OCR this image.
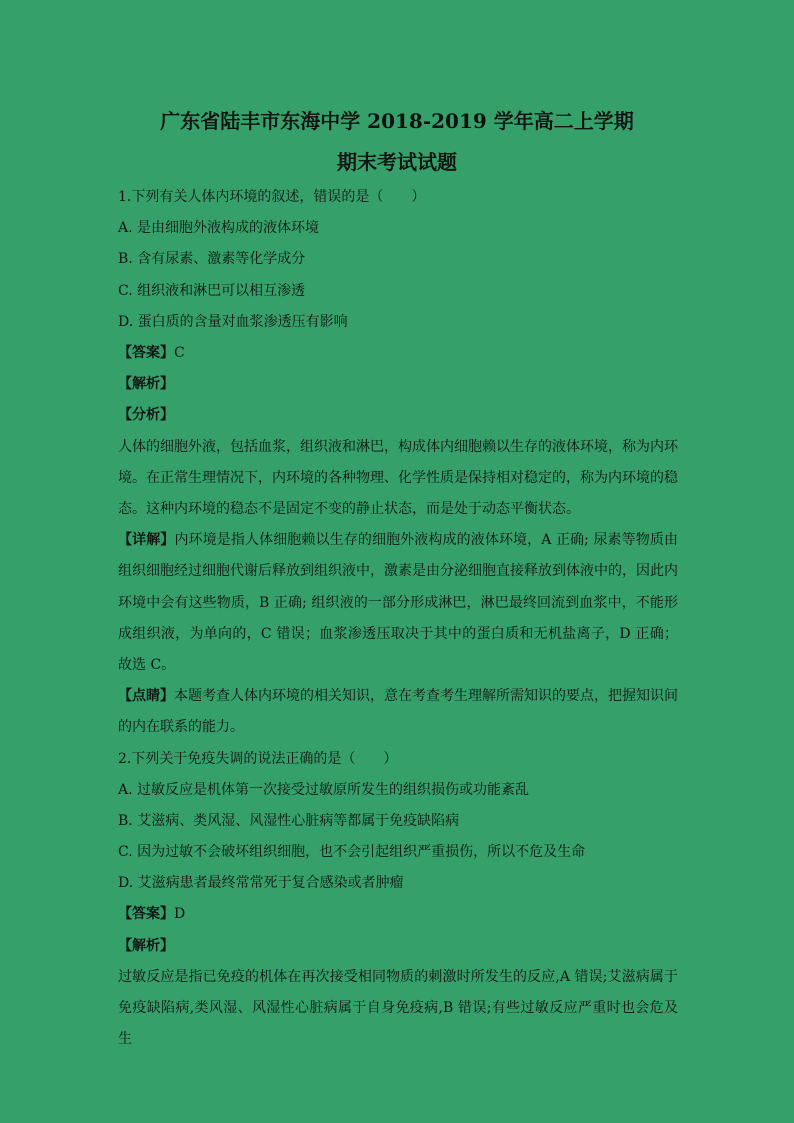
广东省陆丰市东海中学 2018-2019 学年高二上学期
期末考试试题
1.下列有关人体内环境的叙述，错误的是（　　）
A. 是由细胞外液构成的液体环境
B. 含有尿素、激素等化学成分
C. 组织液和淋巴可以相互渗透
D. 蛋白质的含量对血浆渗透压有影响
【答案】C
【解析】
【分析】
人体的细胞外液，包括血浆，组织液和淋巴，构成体内细胞赖以生存的液体环境，称为内环境。在正常生理情况下，内环境的各种物理、化学性质是保持相对稳定的，称为内环境的稳态。这种内环境的稳态不是固定不变的静止状态，而是处于动态平衡状态。
【详解】内环境是指人体细胞赖以生存的细胞外液构成的液体环境，A 正确; 尿素等物质由组织细胞经过细胞代谢后释放到组织液中，激素是由分泌细胞直接释放到体液中的，因此内环境中会有这些物质，B 正确; 组织液的一部分形成淋巴，淋巴最终回流到血浆中，不能形成组织液，为单向的，C 错误；血浆渗透压取决于其中的蛋白质和无机盐离子，D 正确；故选 C。
【点睛】本题考查人体内环境的相关知识，意在考查考生理解所需知识的要点，把握知识间的内在联系的能力。
2.下列关于免疫失调的说法正确的是（　　）
A. 过敏反应是机体第一次接受过敏原所发生的组织损伤或功能紊乱
B. 艾滋病、类风湿、风湿性心脏病等都属于免疫缺陷病
C. 因为过敏不会破坏组织细胞，也不会引起组织严重损伤，所以不危及生命
D. 艾滋病患者最终常常死于复合感染或者肿瘤
【答案】D
【解析】
过敏反应是指已免疫的机体在再次接受相同物质的刺激时所发生的反应,A 错误;艾滋病属于免疫缺陷病,类风湿、风湿性心脏病属于自身免疫病,B 错误;有些过敏反应严重时也会危及生
